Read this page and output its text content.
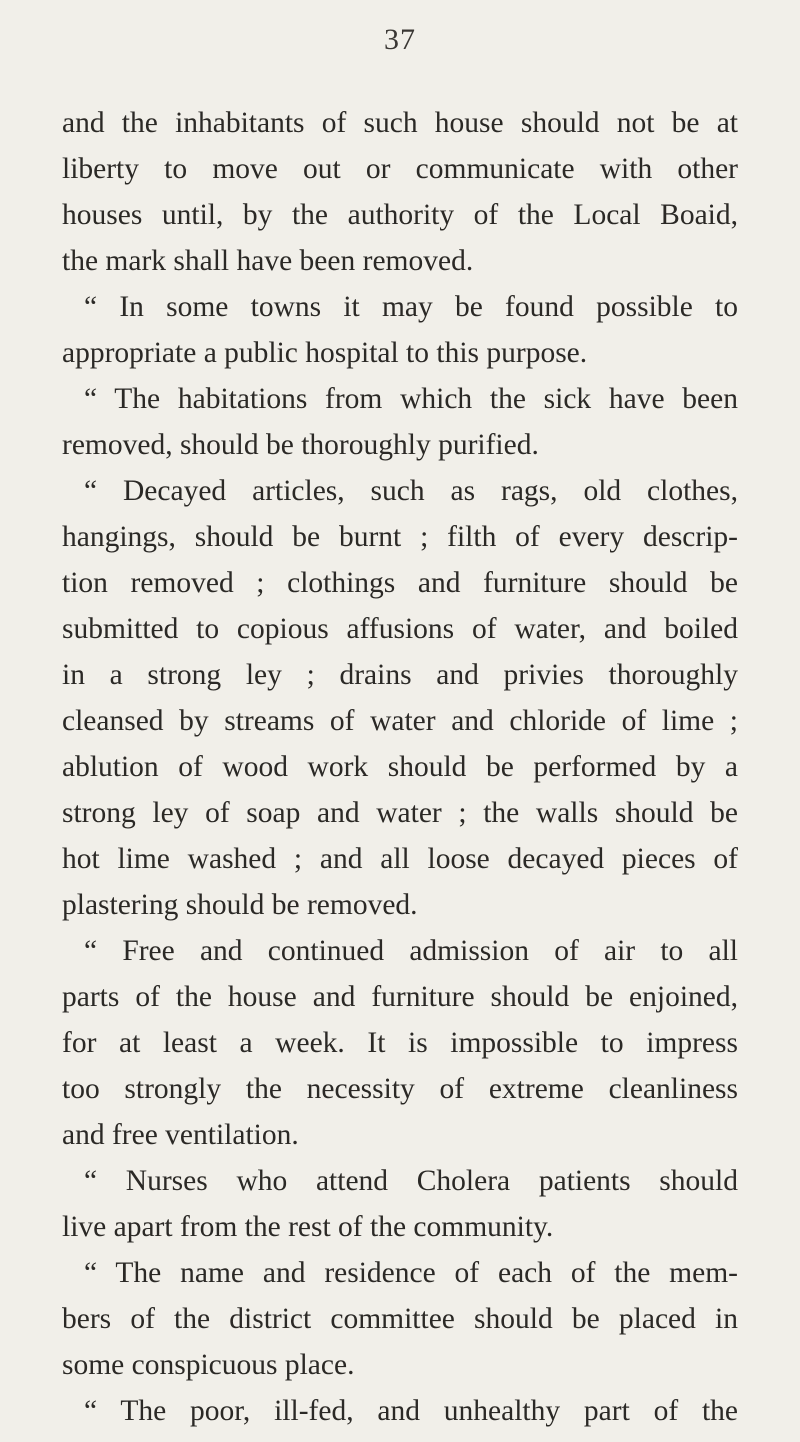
37
and the inhabitants of such house should not be at
liberty to move out or communicate with other
houses until, by the authority of the Local Boaid,
the mark shall have been removed.
“ In some towns it may be found possible to
appropriate a public hospital to this purpose.
“ The habitations from which the sick have been
removed, should be thoroughly purified.
“ Decayed articles, such as rags, old clothes,
hangings, should be burnt ; filth of every descrip-
tion removed ; clothings and furniture should be
submitted to copious affusions of water, and boiled
in a strong ley ; drains and privies thoroughly
cleansed by streams of water and chloride of lime ;
ablution of wood work should be performed by a
strong ley of soap and water ; the walls should be
hot lime washed ; and all loose decayed pieces of
plastering should be removed.
“ Free and continued admission of air to all
parts of the house and furniture should be enjoined,
for at least a week. It is impossible to impress
too strongly the necessity of extreme cleanliness
and free ventilation.
“ Nurses who attend Cholera patients should
live apart from the rest of the community.
“ The name and residence of each of the mem-
bers of the district committee should be placed in
some conspicuous place.
“ The poor, ill-fed, and unhealthy part of the
